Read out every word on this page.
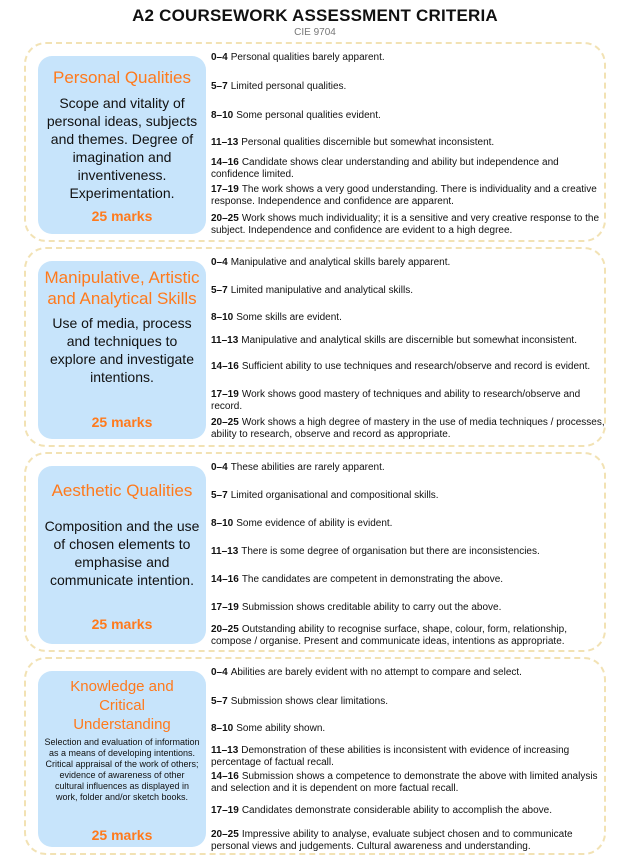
A2 COURSEWORK ASSESSMENT CRITERIA
CIE 9704
Personal Qualities
Scope and vitality of personal ideas, subjects and themes. Degree of imagination and inventiveness. Experimentation.
25 marks
0–4 Personal qualities barely apparent.
5–7 Limited personal qualities.
8–10 Some personal qualities evident.
11–13 Personal qualities discernible but somewhat inconsistent.
14–16 Candidate shows clear understanding and ability but independence and confidence limited.
17–19 The work shows a very good understanding. There is individuality and a creative response. Independence and confidence are apparent.
20–25 Work shows much individuality; it is a sensitive and very creative response to the subject. Independence and confidence are evident to a high degree.
Manipulative, Artistic and Analytical Skills
Use of media, process and techniques to explore and investigate intentions.
25 marks
0–4 Manipulative and analytical skills barely apparent.
5–7 Limited manipulative and analytical skills.
8–10 Some skills are evident.
11–13 Manipulative and analytical skills are discernible but somewhat inconsistent.
14–16 Sufficient ability to use techniques and research/observe and record is evident.
17–19 Work shows good mastery of techniques and ability to research/observe and record.
20–25 Work shows a high degree of mastery in the use of media techniques / processes, ability to research, observe and record as appropriate.
Aesthetic Qualities
Composition and the use of chosen elements to emphasise and communicate intention.
25 marks
0–4 These abilities are rarely apparent.
5–7 Limited organisational and compositional skills.
8–10 Some evidence of ability is evident.
11–13 There is some degree of organisation but there are inconsistencies.
14–16 The candidates are competent in demonstrating the above.
17–19 Submission shows creditable ability to carry out the above.
20–25 Outstanding ability to recognise surface, shape, colour, form, relationship, compose / organise. Present and communicate ideas, intentions as appropriate.
Knowledge and Critical Understanding
Selection and evaluation of information as a means of developing intentions. Critical appraisal of the work of others; evidence of awareness of other cultural influences as displayed in work, folder and/or sketch books.
25 marks
0–4 Abilities are barely evident with no attempt to compare and select.
5–7 Submission shows clear limitations.
8–10 Some ability shown.
11–13 Demonstration of these abilities is inconsistent with evidence of increasing percentage of factual recall.
14–16 Submission shows a competence to demonstrate the above with limited analysis and selection and it is dependent on more factual recall.
17–19 Candidates demonstrate considerable ability to accomplish the above.
20–25 Impressive ability to analyse, evaluate subject chosen and to communicate personal views and judgements. Cultural awareness and understanding.
